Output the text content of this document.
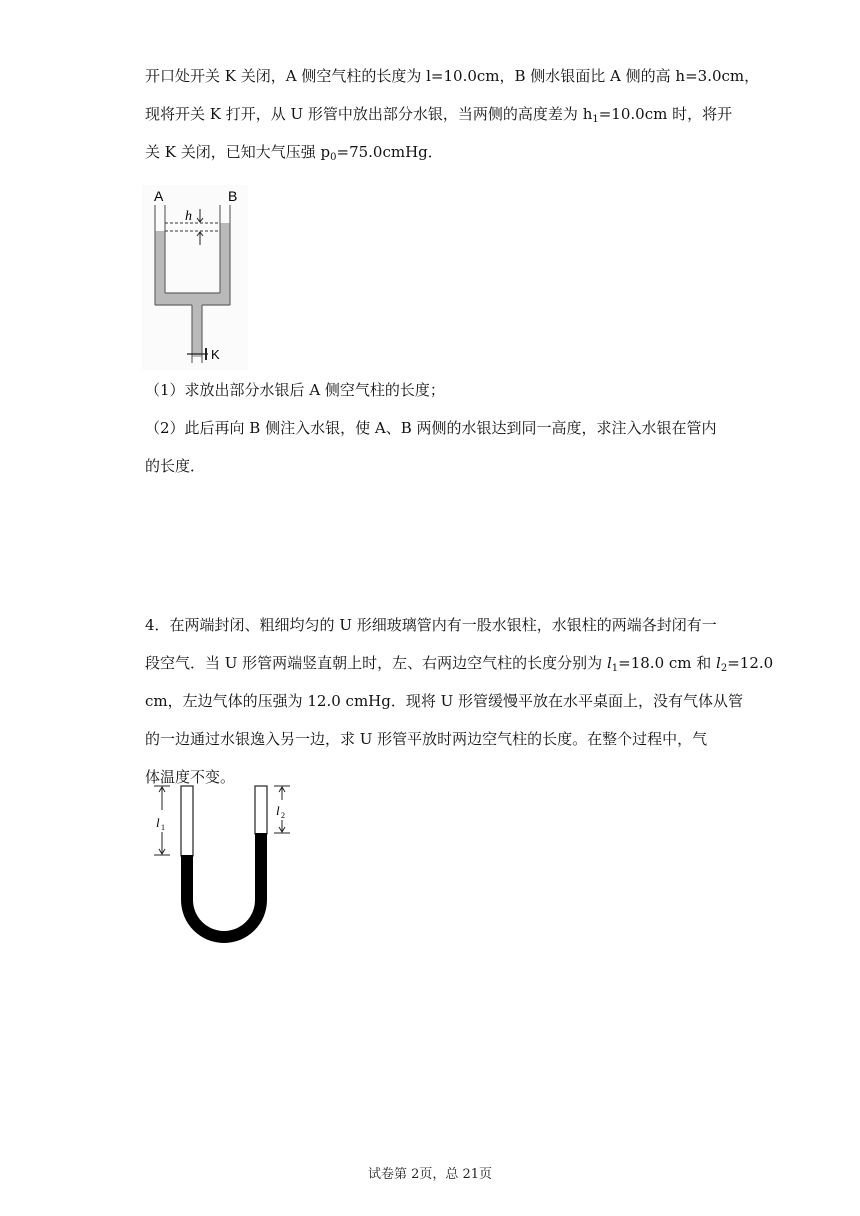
开口处开关 K 关闭，A 侧空气柱的长度为 l=10.0cm，B 侧水银面比 A 侧的高 h=3.0cm，
现将开关 K 打开，从 U 形管中放出部分水银，当两侧的高度差为 $h_1=10.0cm$ 时，将开
关 K 关闭，已知大气压强 $p_0=75.0cmHg$．
A	B
h
K
（1）求放出部分水银后 A 侧空气柱的长度；
（2）此后再向 B 侧注入水银，使 A、B 两侧的水银达到同一高度，求注入水银在管内
的长度．
4．在两端封闭、粗细均匀的 U 形细玻璃管内有一股水银柱，水银柱的两端各封闭有一
段空气．当 U 形管两端竖直朝上时，左、右两边空气柱的长度分别为 $l_1=18.0$ cm 和 $l_2=12.0$
cm，左边气体的压强为 12.0 cmHg．现将 U 形管缓慢平放在水平桌面上，没有气体从管
的一边通过水银逸入另一边，求 U 形管平放时两边空气柱的长度。在整个过程中，气
体温度不变。
l 1
l 2
试卷第 2页，总 21页
